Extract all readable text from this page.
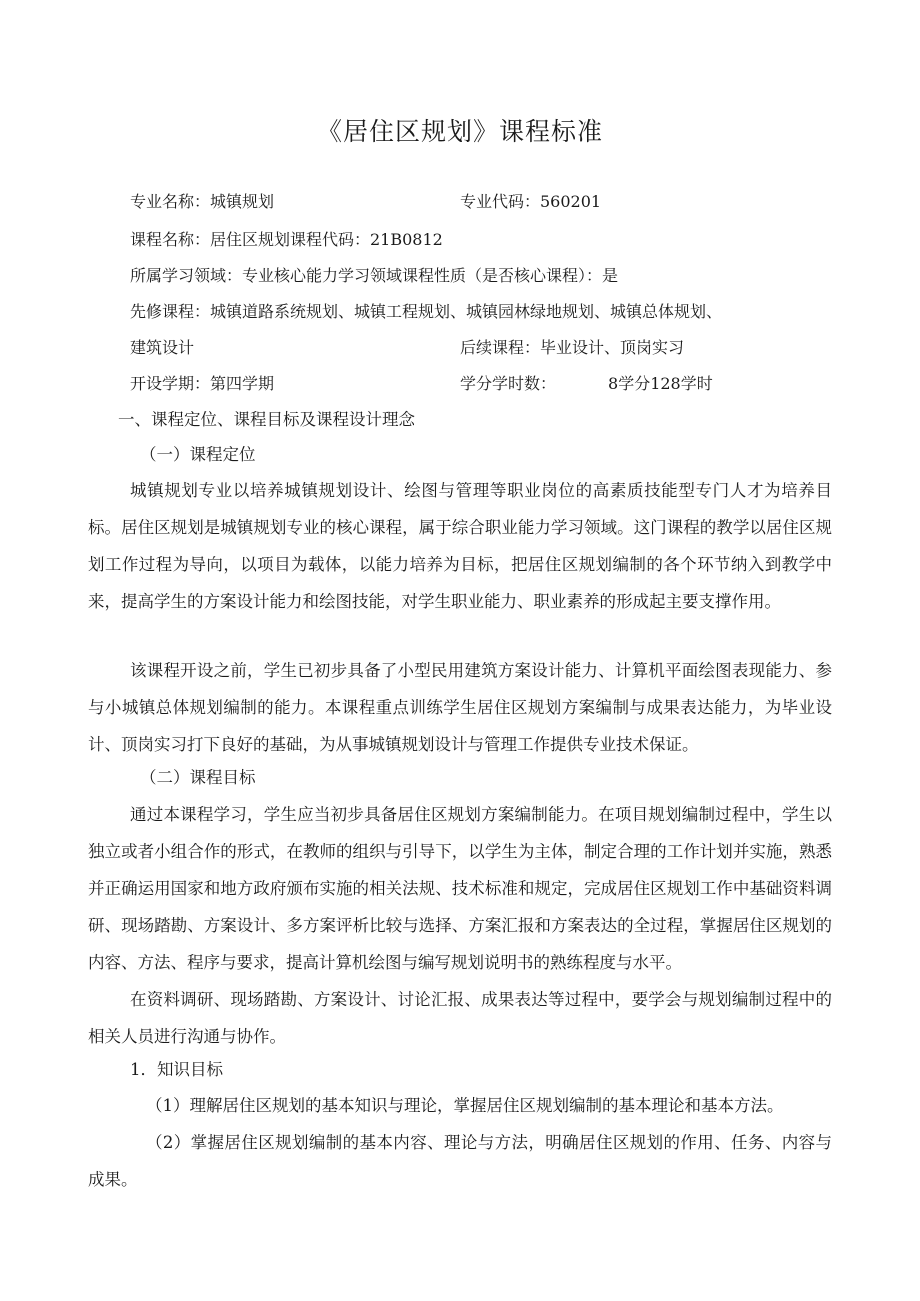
《居住区规划》课程标准
专业名称：城镇规划	专业代码：560201
课程名称：居住区规划课程代码：21B0812
所属学习领域：专业核心能力学习领域课程性质（是否核心课程）：是
先修课程：城镇道路系统规划、城镇工程规划、城镇园林绿地规划、城镇总体规划、
建筑设计	后续课程：毕业设计、顶岗实习
开设学期：第四学期	学分学时数：	8学分128学时
一、课程定位、课程目标及课程设计理念
（一）课程定位

城镇规划专业以培养城镇规划设计、绘图与管理等职业岗位的高素质技能型专门人才为培养目标。居住区规划是城镇规划专业的核心课程，属于综合职业能力学习领域。这门课程的教学以居住区规划工作过程为导向，以项目为载体，以能力培养为目标，把居住区规划编制的各个环节纳入到教学中来，提高学生的方案设计能力和绘图技能，对学生职业能力、职业素养的形成起主要支撑作用。

该课程开设之前，学生已初步具备了小型民用建筑方案设计能力、计算机平面绘图表现能力、参与小城镇总体规划编制的能力。本课程重点训练学生居住区规划方案编制与成果表达能力，为毕业设计、顶岗实习打下良好的基础，为从事城镇规划设计与管理工作提供专业技术保证。

（二）课程目标

通过本课程学习，学生应当初步具备居住区规划方案编制能力。在项目规划编制过程中，学生以独立或者小组合作的形式，在教师的组织与引导下，以学生为主体，制定合理的工作计划并实施，熟悉并正确运用国家和地方政府颁布实施的相关法规、技术标准和规定，完成居住区规划工作中基础资料调研、现场踏勘、方案设计、多方案评析比较与选择、方案汇报和方案表达的全过程，掌握居住区规划的内容、方法、程序与要求，提高计算机绘图与编写规划说明书的熟练程度与水平。

在资料调研、现场踏勘、方案设计、讨论汇报、成果表达等过程中，要学会与规划编制过程中的相关人员进行沟通与协作。

1．知识目标

（1）理解居住区规划的基本知识与理论，掌握居住区规划编制的基本理论和基本方法。

（2）掌握居住区规划编制的基本内容、理论与方法，明确居住区规划的作用、任务、内容与成果。
